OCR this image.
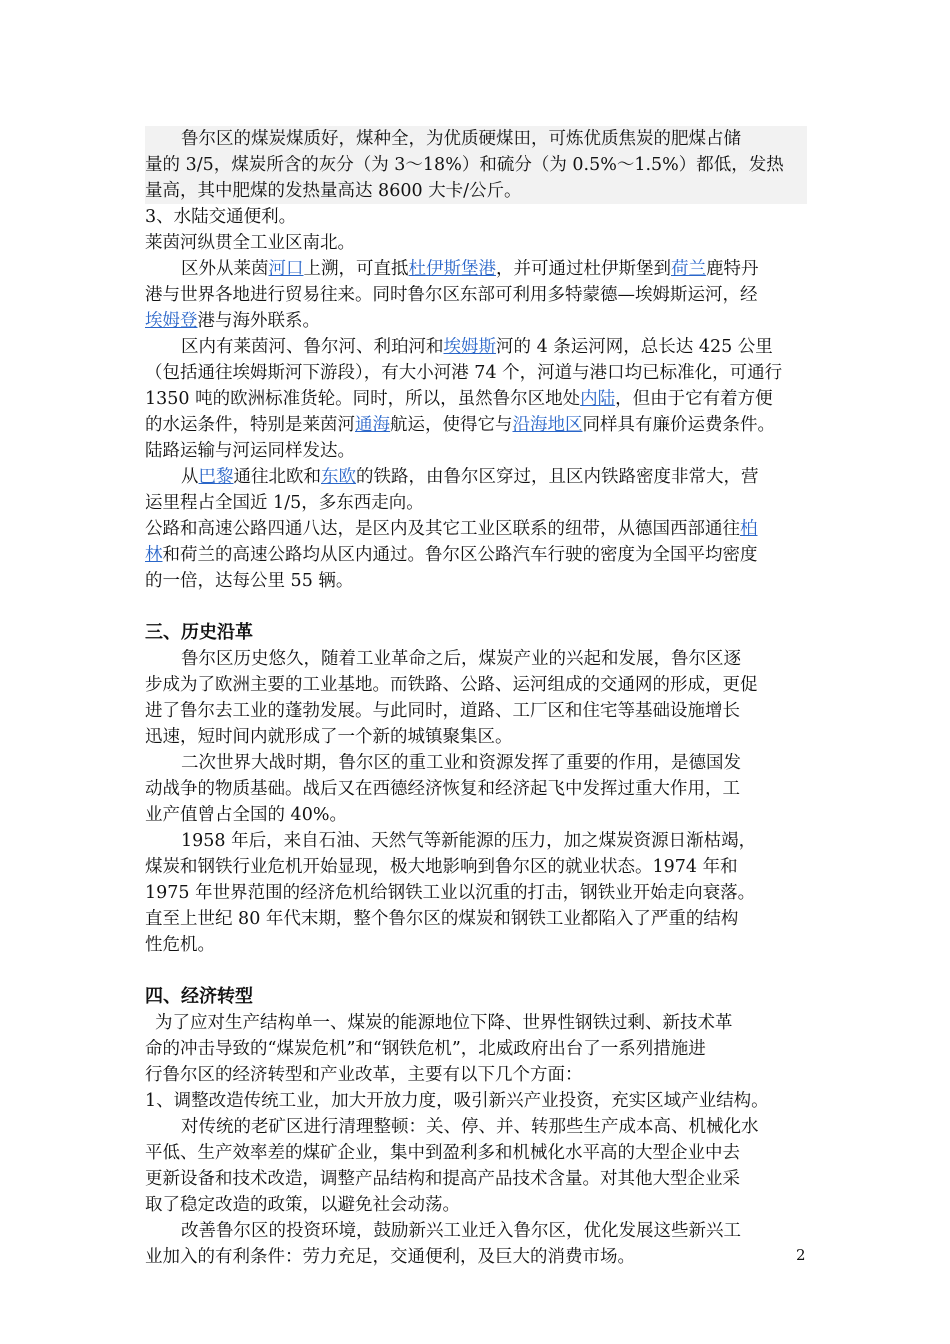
鲁尔区的煤炭煤质好，煤种全，为优质硬煤田，可炼优质焦炭的肥煤占储
量的 3/5，煤炭所含的灰分（为 3～18%）和硫分（为 0.5%～1.5%）都低，发热
量高，其中肥煤的发热量高达 8600 大卡/公斤。
3、水陆交通便利。
莱茵河纵贯全工业区南北。
区外从莱茵河口上溯，可直抵杜伊斯堡港，并可通过杜伊斯堡到荷兰鹿特丹
港与世界各地进行贸易往来。同时鲁尔区东部可利用多特蒙德—埃姆斯运河，经
埃姆登港与海外联系。
区内有莱茵河、鲁尔河、利珀河和埃姆斯河的 4 条运河网，总长达 425 公里
（包括通往埃姆斯河下游段），有大小河港 74 个，河道与港口均已标准化，可通行
1350 吨的欧洲标准货轮。同时，所以，虽然鲁尔区地处内陆，但由于它有着方便
的水运条件，特别是莱茵河通海航运，使得它与沿海地区同样具有廉价运费条件。
陆路运输与河运同样发达。
从巴黎通往北欧和东欧的铁路，由鲁尔区穿过，且区内铁路密度非常大，营
运里程占全国近 1/5，多东西走向。
公路和高速公路四通八达，是区内及其它工业区联系的纽带，从德国西部通往柏
林和荷兰的高速公路均从区内通过。鲁尔区公路汽车行驶的密度为全国平均密度
的一倍，达每公里 55 辆。
三、历史沿革
鲁尔区历史悠久，随着工业革命之后，煤炭产业的兴起和发展，鲁尔区逐
步成为了欧洲主要的工业基地。而铁路、公路、运河组成的交通网的形成，更促
进了鲁尔去工业的蓬勃发展。与此同时，道路、工厂区和住宅等基础设施增长
迅速，短时间内就形成了一个新的城镇聚集区。
二次世界大战时期，鲁尔区的重工业和资源发挥了重要的作用，是德国发
动战争的物质基础。战后又在西德经济恢复和经济起飞中发挥过重大作用，工
业产值曾占全国的 40%。
1958 年后，来自石油、天然气等新能源的压力，加之煤炭资源日渐枯竭，
煤炭和钢铁行业危机开始显现，极大地影响到鲁尔区的就业状态。1974 年和
1975 年世界范围的经济危机给钢铁工业以沉重的打击，钢铁业开始走向衰落。
直至上世纪 80 年代末期，整个鲁尔区的煤炭和钢铁工业都陷入了严重的结构
性危机。
四、经济转型
为了应对生产结构单一、煤炭的能源地位下降、世界性钢铁过剩、新技术革
命的冲击导致的“煤炭危机”和“钢铁危机”，北威政府出台了一系列措施进
行鲁尔区的经济转型和产业改革，主要有以下几个方面：
1、调整改造传统工业，加大开放力度，吸引新兴产业投资，充实区域产业结构。
对传统的老矿区进行清理整顿：关、停、并、转那些生产成本高、机械化水
平低、生产效率差的煤矿企业，集中到盈利多和机械化水平高的大型企业中去
更新设备和技术改造，调整产品结构和提高产品技术含量。对其他大型企业采
取了稳定改造的政策，以避免社会动荡。
改善鲁尔区的投资环境，鼓励新兴工业迁入鲁尔区，优化发展这些新兴工
业加入的有利条件：劳力充足，交通便利，及巨大的消费市场。	2
